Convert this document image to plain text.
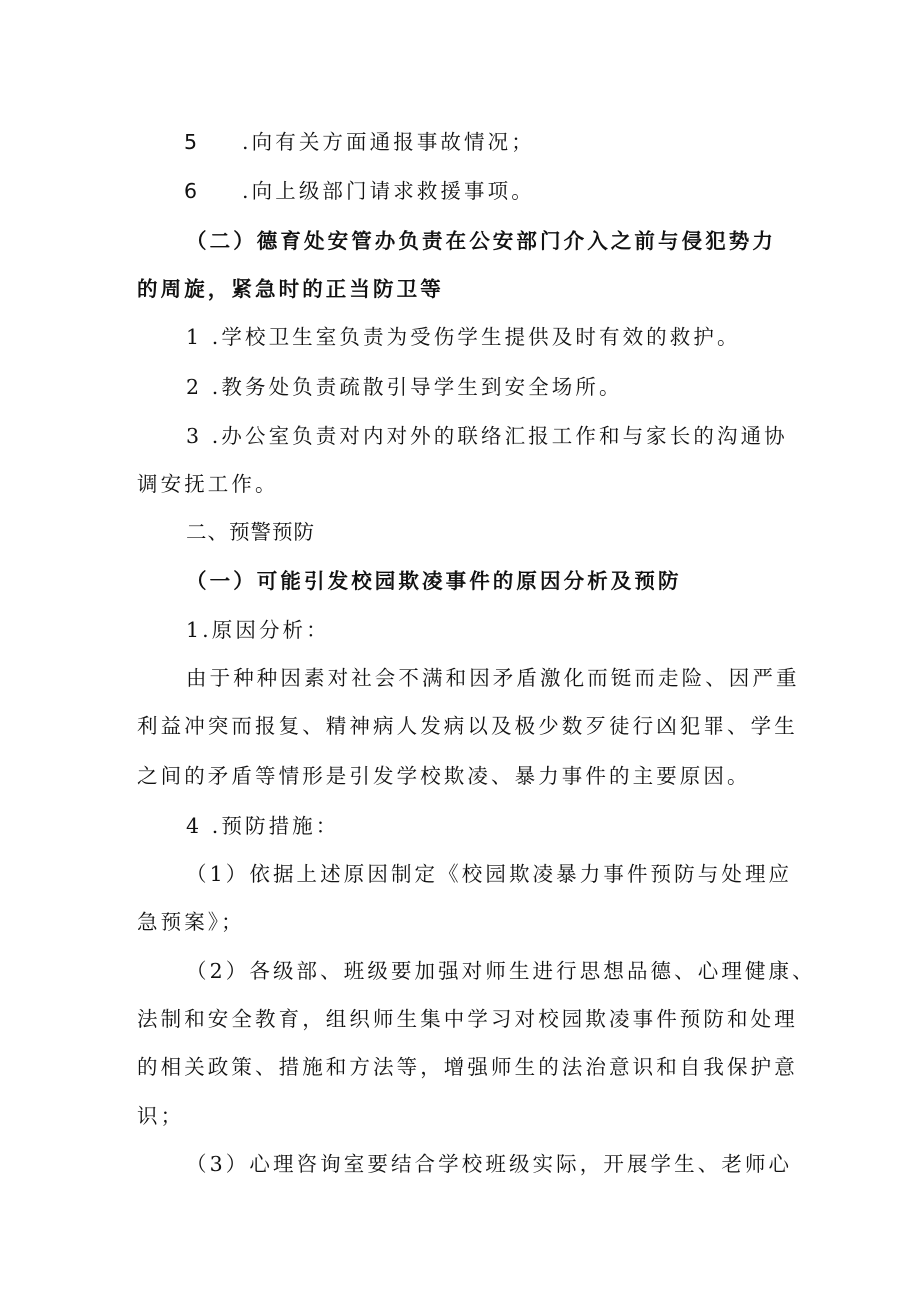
5 .向有关方面通报事故情况；
6 .向上级部门请求救援事项。
（二）德育处安管办负责在公安部门介入之前与侵犯势力
的周旋，紧急时的正当防卫等
1 .学校卫生室负责为受伤学生提供及时有效的救护。
2 .教务处负责疏散引导学生到安全场所。
3 .办公室负责对内对外的联络汇报工作和与家长的沟通协
调安抚工作。
二、预警预防
（一）可能引发校园欺凌事件的原因分析及预防
1.原因分析：
由于种种因素对社会不满和因矛盾激化而铤而走险、因严重
利益冲突而报复、精神病人发病以及极少数歹徒行凶犯罪、学生
之间的矛盾等情形是引发学校欺凌、暴力事件的主要原因。
4 .预防措施：
（1）依据上述原因制定《校园欺凌暴力事件预防与处理应
急预案》；
（2）各级部、班级要加强对师生进行思想品德、心理健康、
法制和安全教育，组织师生集中学习对校园欺凌事件预防和处理
的相关政策、措施和方法等，增强师生的法治意识和自我保护意
识；
（3）心理咨询室要结合学校班级实际，开展学生、老师心
